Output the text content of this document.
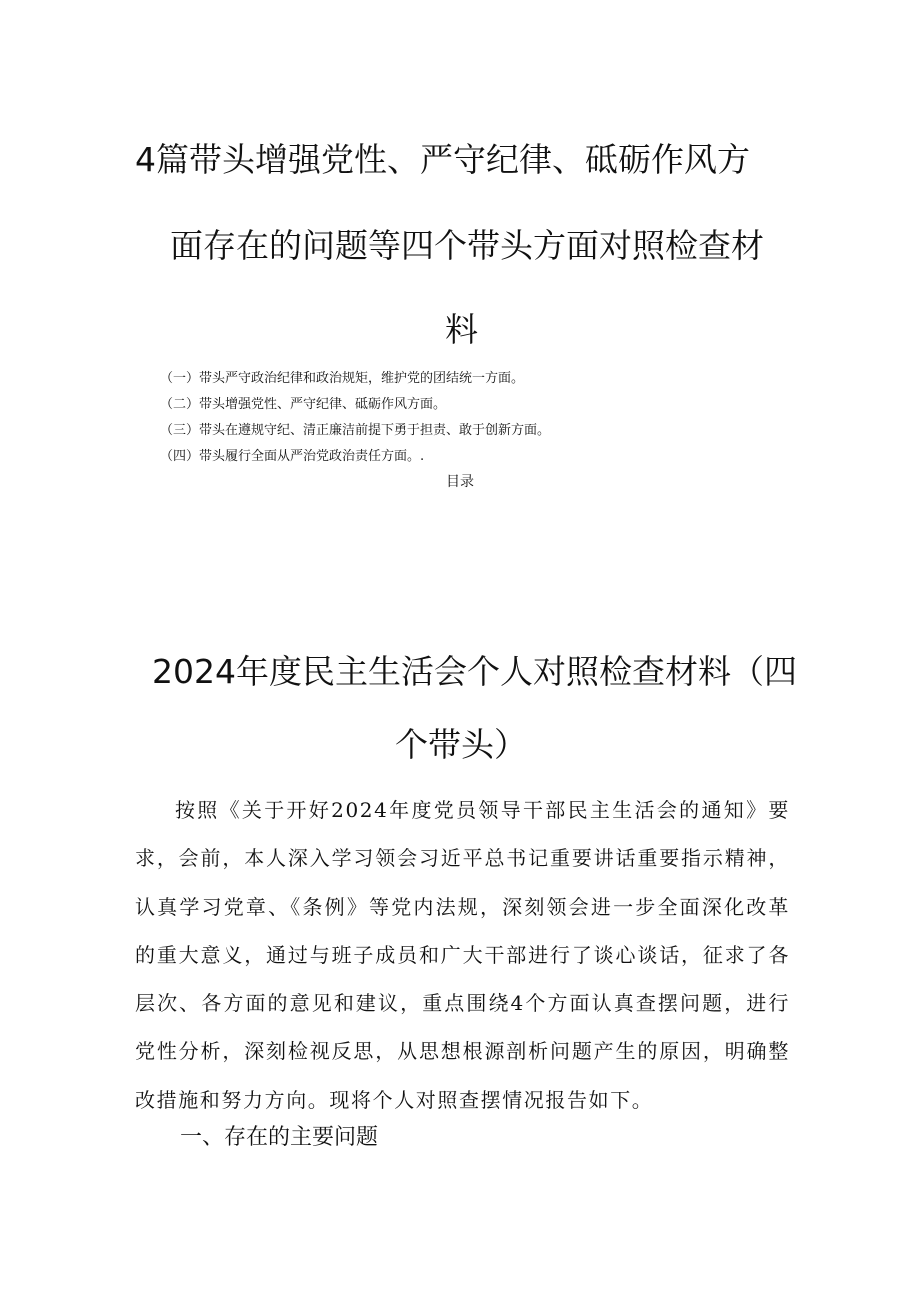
4篇带头增强党性、严守纪律、砥砺作风方
面存在的问题等四个带头方面对照检查材
料
（一）带头严守政治纪律和政治规矩，维护党的团结统一方面。
（二）带头增强党性、严守纪律、砥砺作风方面。
（三）带头在遵规守纪、清正廉洁前提下勇于担责、敢于创新方面。
（四）带头履行全面从严治党政治责任方面。.
目录
2024年度民主生活会个人对照检查材料（四
个带头）

按照《关于开好2024年度党员领导干部民主生活会的通知》要求，会前，本人深入学习领会习近平总书记重要讲话重要指示精神，认真学习党章、《条例》等党内法规，深刻领会进一步全面深化改革的重大意义，通过与班子成员和广大干部进行了谈心谈话，征求了各层次、各方面的意见和建议，重点围绕4个方面认真查摆问题，进行党性分析，深刻检视反思，从思想根源剖析问题产生的原因，明确整改措施和努力方向。现将个人对照查摆情况报告如下。

一、存在的主要问题
